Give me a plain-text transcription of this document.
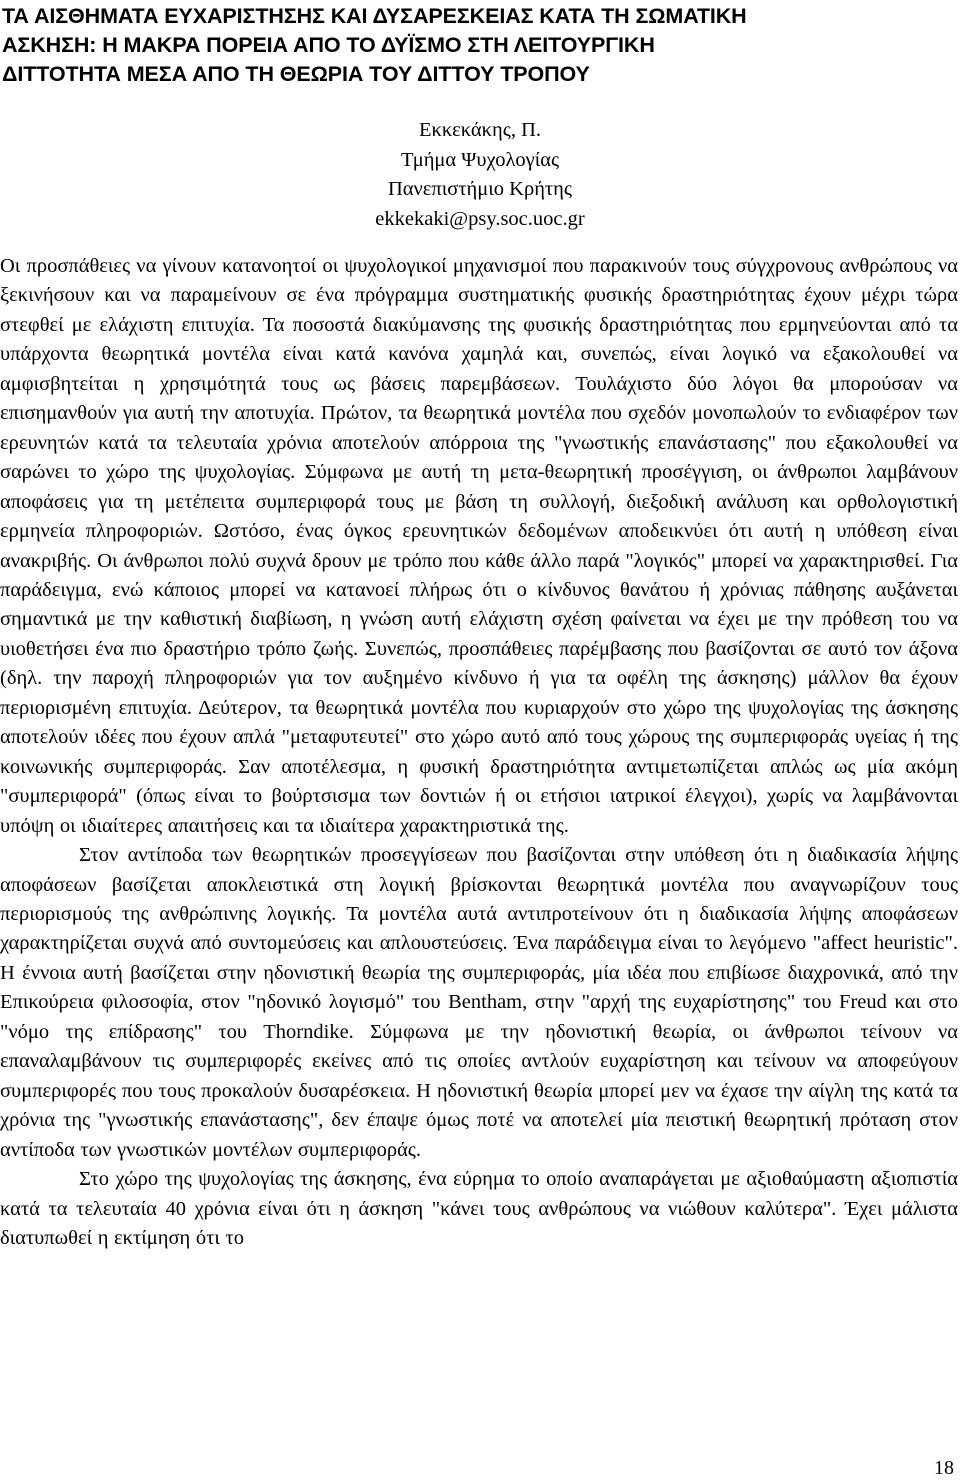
ΤΑ ΑΙΣΘΗΜΑΤΑ ΕΥΧΑΡΙΣΤΗΣΗΣ ΚΑΙ ΔΥΣΑΡΕΣΚΕΙΑΣ ΚΑΤΑ ΤΗ ΣΩΜΑΤΙΚΗ
ΑΣΚΗΣΗ: Η ΜΑΚΡΑ ΠΟΡΕΙΑ ΑΠΟ ΤΟ ΔΥΪΣΜΟ ΣΤΗ ΛΕΙΤΟΥΡΓΙΚΗ
ΔΙΤΤΟΤΗΤΑ ΜΕΣΑ ΑΠΟ ΤΗ ΘΕΩΡΙΑ ΤΟΥ ΔΙΤΤΟΥ ΤΡΟΠΟΥ
Εκκεκάκης, Π.
Τμήμα Ψυχολογίας
Πανεπιστήμιο Κρήτης
ekkekaki@psy.soc.uoc.gr

Οι προσπάθειες να γίνουν κατανοητοί οι ψυχολογικοί μηχανισμοί που παρακινούν τους σύγχρονους ανθρώπους να ξεκινήσουν και να παραμείνουν σε ένα πρόγραμμα συστηματικής φυσικής δραστηριότητας έχουν μέχρι τώρα στεφθεί με ελάχιστη επιτυχία. Τα ποσοστά διακύμανσης της φυσικής δραστηριότητας που ερμηνεύονται από τα υπάρχοντα θεωρητικά μοντέλα είναι κατά κανόνα χαμηλά και, συνεπώς, είναι λογικό να εξακολουθεί να αμφισβητείται η χρησιμότητά τους ως βάσεις παρεμβάσεων. Τουλάχιστο δύο λόγοι θα μπορούσαν να επισημανθούν για αυτή την αποτυχία. Πρώτον, τα θεωρητικά μοντέλα που σχεδόν μονοπωλούν το ενδιαφέρον των ερευνητών κατά τα τελευταία χρόνια αποτελούν απόρροια της "γνωστικής επανάστασης" που εξακολουθεί να σαρώνει το χώρο της ψυχολογίας. Σύμφωνα με αυτή τη μετα-θεωρητική προσέγγιση, οι άνθρωποι λαμβάνουν αποφάσεις για τη μετέπειτα συμπεριφορά τους με βάση τη συλλογή, διεξοδική ανάλυση και ορθολογιστική ερμηνεία πληροφοριών. Ωστόσο, ένας όγκος ερευνητικών δεδομένων αποδεικνύει ότι αυτή η υπόθεση είναι ανακριβής. Οι άνθρωποι πολύ συχνά δρουν με τρόπο που κάθε άλλο παρά "λογικός" μπορεί να χαρακτηρισθεί. Για παράδειγμα, ενώ κάποιος μπορεί να κατανοεί πλήρως ότι ο κίνδυνος θανάτου ή χρόνιας πάθησης αυξάνεται σημαντικά με την καθιστική διαβίωση, η γνώση αυτή ελάχιστη σχέση φαίνεται να έχει με την πρόθεση του να υιοθετήσει ένα πιο δραστήριο τρόπο ζωής. Συνεπώς, προσπάθειες παρέμβασης που βασίζονται σε αυτό τον άξονα (δηλ. την παροχή πληροφοριών για τον αυξημένο κίνδυνο ή για τα οφέλη της άσκησης) μάλλον θα έχουν περιορισμένη επιτυχία. Δεύτερον, τα θεωρητικά μοντέλα που κυριαρχούν στο χώρο της ψυχολογίας της άσκησης αποτελούν ιδέες που έχουν απλά "μεταφυτευτεί" στο χώρο αυτό από τους χώρους της συμπεριφοράς υγείας ή της κοινωνικής συμπεριφοράς. Σαν αποτέλεσμα, η φυσική δραστηριότητα αντιμετωπίζεται απλώς ως μία ακόμη "συμπεριφορά" (όπως είναι το βούρτσισμα των δοντιών ή οι ετήσιοι ιατρικοί έλεγχοι), χωρίς να λαμβάνονται υπόψη οι ιδιαίτερες απαιτήσεις και τα ιδιαίτερα χαρακτηριστικά της.

Στον αντίποδα των θεωρητικών προσεγγίσεων που βασίζονται στην υπόθεση ότι η διαδικασία λήψης αποφάσεων βασίζεται αποκλειστικά στη λογική βρίσκονται θεωρητικά μοντέλα που αναγνωρίζουν τους περιορισμούς της ανθρώπινης λογικής. Τα μοντέλα αυτά αντιπροτείνουν ότι η διαδικασία λήψης αποφάσεων χαρακτηρίζεται συχνά από συντομεύσεις και απλουστεύσεις. Ένα παράδειγμα είναι το λεγόμενο "affect heuristic". Η έννοια αυτή βασίζεται στην ηδονιστική θεωρία της συμπεριφοράς, μία ιδέα που επιβίωσε διαχρονικά, από την Επικούρεια φιλοσοφία, στον "ηδονικό λογισμό" του Bentham, στην "αρχή της ευχαρίστησης" του Freud και στο "νόμο της επίδρασης" του Thorndike. Σύμφωνα με την ηδονιστική θεωρία, οι άνθρωποι τείνουν να επαναλαμβάνουν τις συμπεριφορές εκείνες από τις οποίες αντλούν ευχαρίστηση και τείνουν να αποφεύγουν συμπεριφορές που τους προκαλούν δυσαρέσκεια. Η ηδονιστική θεωρία μπορεί μεν να έχασε την αίγλη της κατά τα χρόνια της "γνωστικής επανάστασης", δεν έπαψε όμως ποτέ να αποτελεί μία πειστική θεωρητική πρόταση στον αντίποδα των γνωστικών μοντέλων συμπεριφοράς.

Στο χώρο της ψυχολογίας της άσκησης, ένα εύρημα το οποίο αναπαράγεται με αξιοθαύμαστη αξιοπιστία κατά τα τελευταία 40 χρόνια είναι ότι η άσκηση "κάνει τους ανθρώπους να νιώθουν καλύτερα". Έχει μάλιστα διατυπωθεί η εκτίμηση ότι το

18
